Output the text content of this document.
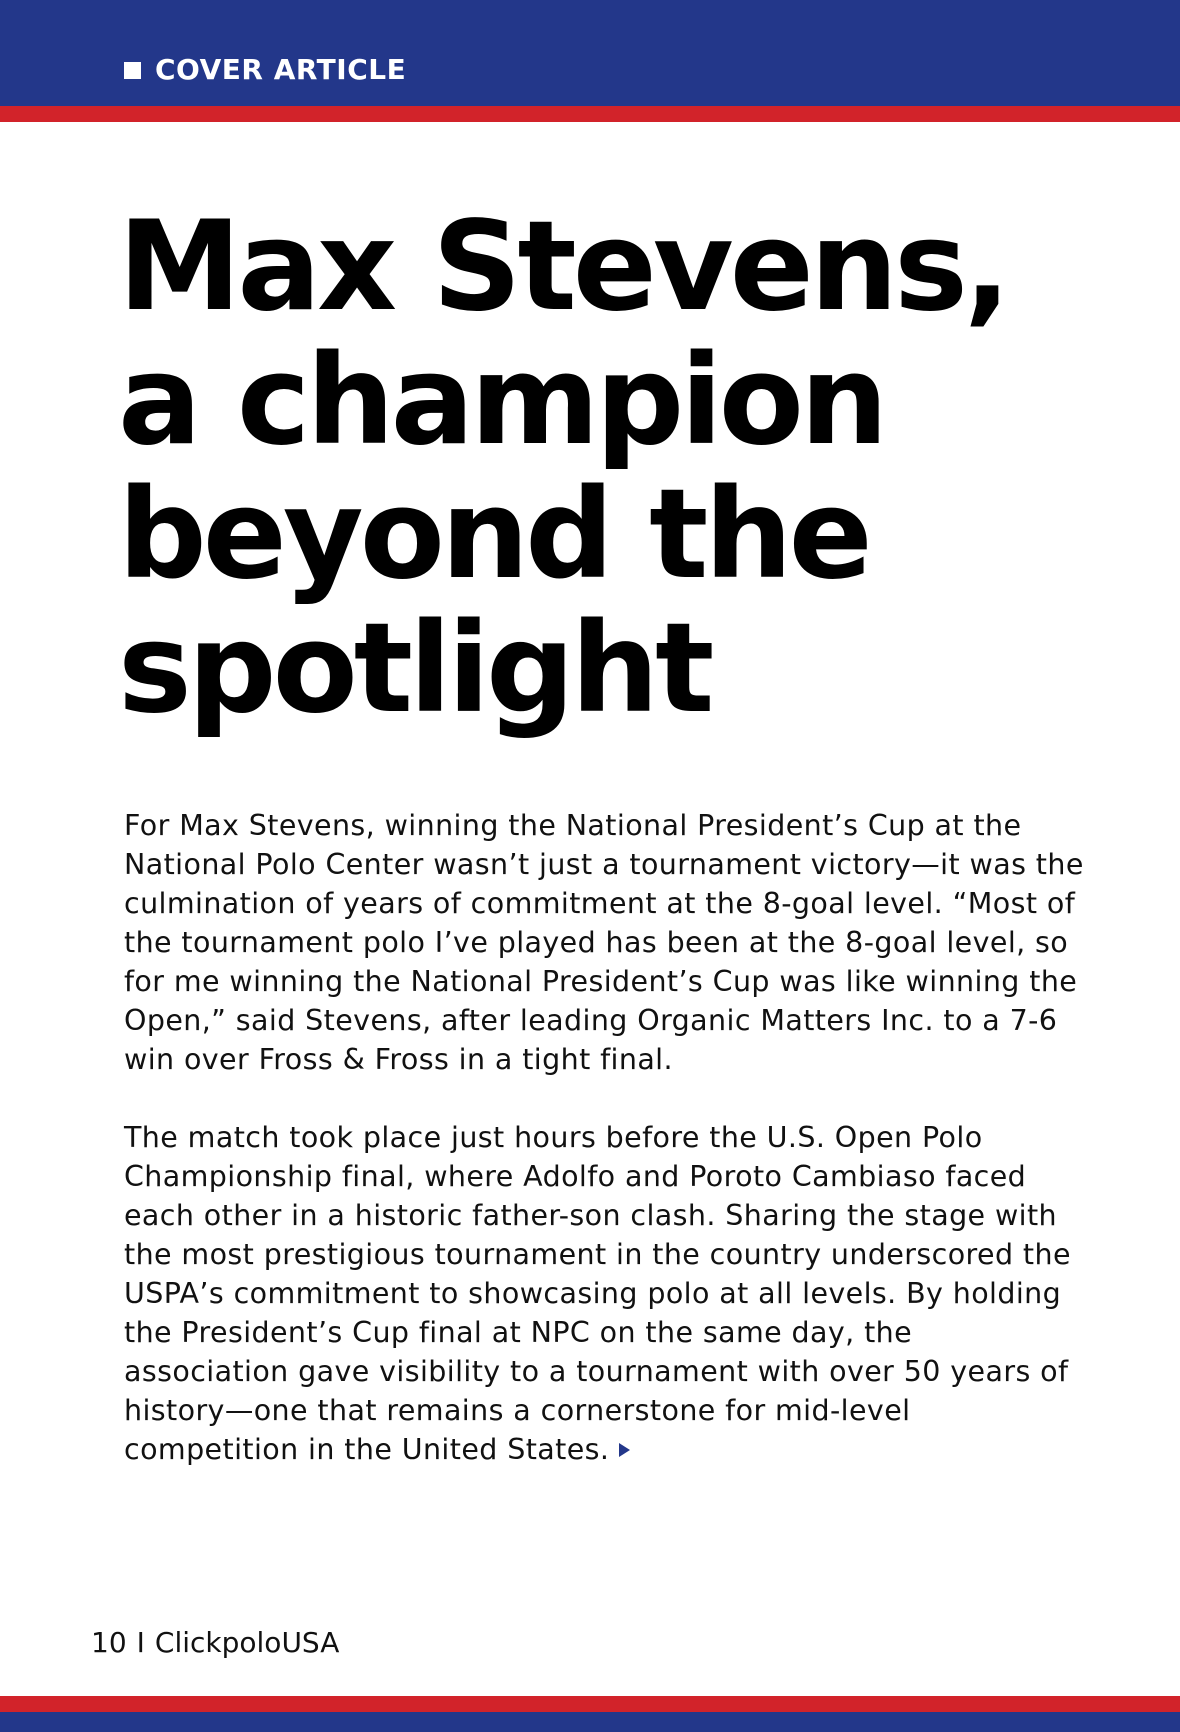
COVER ARTICLE
Max Stevens,
a champion
beyond the
spotlight

For Max Stevens, winning the National President’s Cup at the National Polo Center wasn’t just a tournament victory—it was the culmination of years of commitment at the 8-goal level. “Most of the tournament polo I’ve played has been at the 8-goal level, so for me winning the National President’s Cup was like winning the Open,” said Stevens, after leading Organic Matters Inc. to a 7-6 win over Fross & Fross in a tight final.

The match took place just hours before the U.S. Open Polo Championship final, where Adolfo and Poroto Cambiaso faced each other in a historic father-son clash. Sharing the stage with the most prestigious tournament in the country underscored the USPA’s commitment to showcasing polo at all levels. By holding the President’s Cup final at NPC on the same day, the association gave visibility to a tournament with over 50 years of history—one that remains a cornerstone for mid-level competition in the United States.

10 I ClickpoloUSA
